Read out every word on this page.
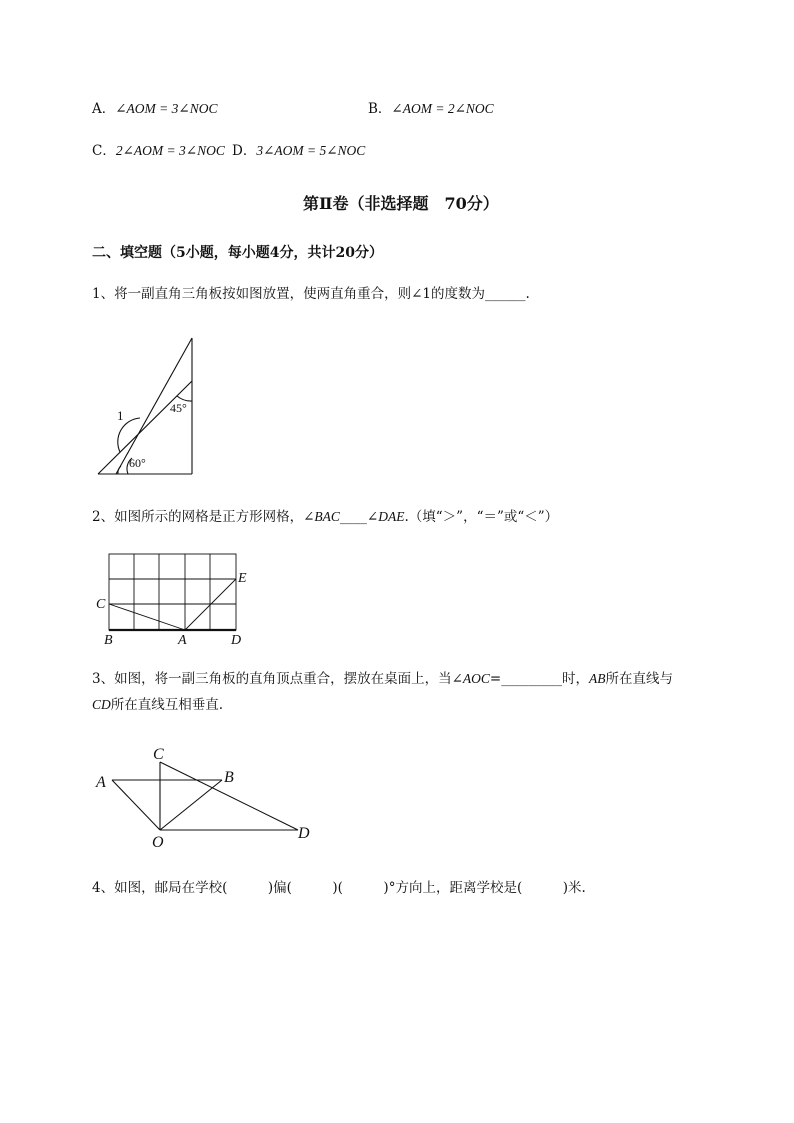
A．∠AOM = 3∠NOC	B．∠AOM = 2∠NOC
C．2∠AOM = 3∠NOC D．3∠AOM = 5∠NOC
第Ⅱ卷（非选择题　70分）
二、填空题（5小题，每小题4分，共计20分）
1、将一副直角三角板按如图放置，使两直角重合，则∠1的度数为______.
1	45°
60°
2、如图所示的网格是正方形网格，∠BAC____∠DAE.（填“＞”，“＝”或“＜”）
C
E
B	A	D
3、如图，将一副三角板的直角顶点重合，摆放在桌面上，当∠AOC=_________时，AB所在直线与
CD所在直线互相垂直.
A	B
C
D
O
4、如图，邮局在学校(　　　)偏(　　　)(　　　)°方向上，距离学校是(　　　)米.
